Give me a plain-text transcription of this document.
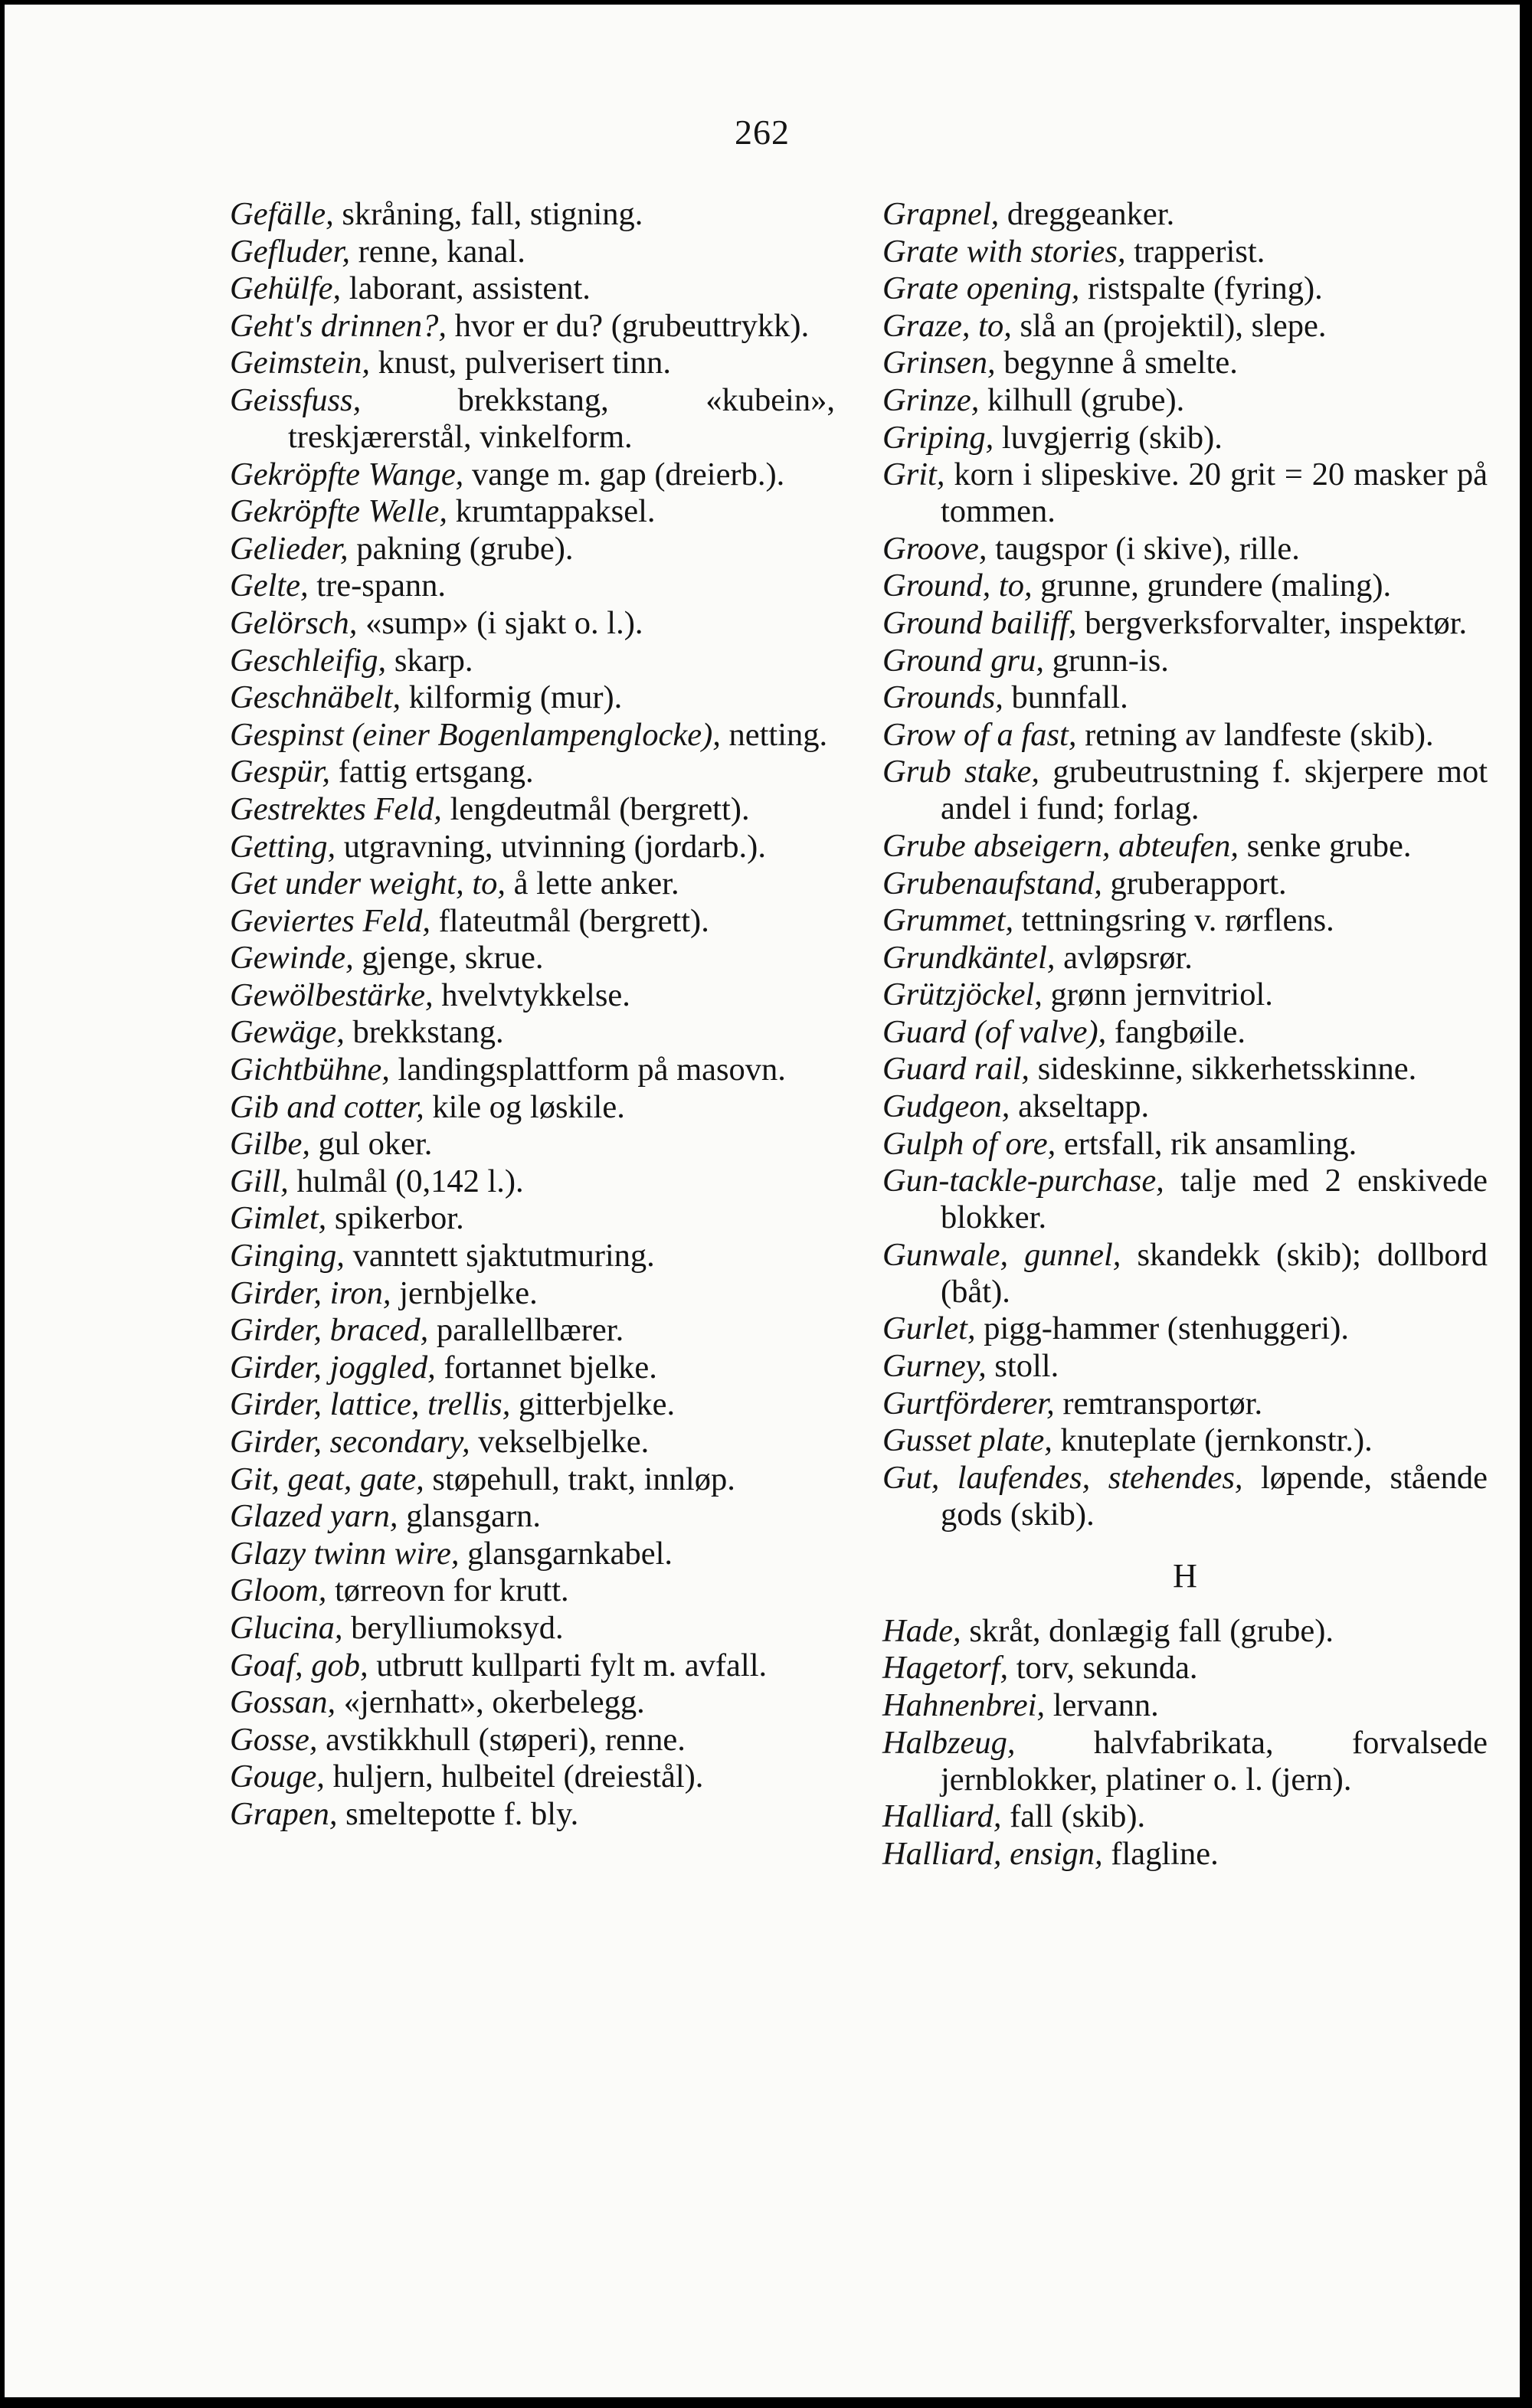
262
Gefälle, skråning, fall, stigning.
Gefluder, renne, kanal.
Gehülfe, laborant, assistent.
Geht's drinnen?, hvor er du? (grubeuttrykk).
Geimstein, knust, pulverisert tinn.
Geissfuss,	brekkstang, «kubein», treskjærerstål, vinkelform.
Gekröpfte Wange, vange m. gap (dreierb.).
Gekröpfte Welle, krumtappaksel.
Gelieder, pakning (grube).
Gelte, tre-spann.
Gelörsch, «sump» (i sjakt o. l.).
Geschleifig, skarp.
Geschnäbelt, kilformig (mur).
Gespinst (einer Bogenlampenglocke), netting.
Gespür, fattig ertsgang.
Gestrektes Feld, lengdeutmål (bergrett).
Getting, utgravning, utvinning (jordarb.).
Get under weight, to, å lette anker.
Geviertes Feld, flateutmål (bergrett).
Gewinde, gjenge, skrue.
Gewölbestärke, hvelvtykkelse.
Gewäge, brekkstang.
Gichtbühne, landingsplattform på masovn.
Gib and cotter, kile og løskile.
Gilbe, gul oker.
Gill, hulmål (0,142 l.).
Gimlet, spikerbor.
Ginging, vanntett sjaktutmuring.
Girder, iron, jernbjelke.
Girder, braced, parallellbærer.
Girder, joggled, fortannet bjelke.
Girder, lattice, trellis, gitterbjelke.
Girder, secondary, vekselbjelke.
Git, geat, gate, støpehull, trakt, innløp.
Glazed yarn, glansgarn.
Glazy twinn wire, glansgarnkabel.
Gloom, tørreovn for krutt.
Glucina, berylliumoksyd.
Goaf, gob, utbrutt kullparti fylt m. avfall.
Gossan, «jernhatt», okerbelegg.
Gosse, avstikkhull (støperi), renne.
Gouge, huljern, hulbeitel (dreiestål).
Grapen, smeltepotte f. bly.
Grapnel, dreggeanker.
Grate with stories, trapperist.
Grate opening, ristspalte (fyring).
Graze, to, slå an (projektil), slepe.
Grinsen, begynne å smelte.
Grinze, kilhull (grube).
Griping, luvgjerrig (skib).
Grit, korn i slipeskive. 20 grit = 20 masker på tommen.
Groove, taugspor (i skive), rille.
Ground, to, grunne, grundere (maling).
Ground bailiff, bergverksforvalter, inspektør.
Ground gru, grunn-is.
Grounds, bunnfall.
Grow of a fast, retning av landfeste (skib).
Grub stake, grubeutrustning f. skjerpere mot andel i fund; forlag.
Grube abseigern, abteufen, senke grube.
Grubenaufstand, gruberapport.
Grummet, tettningsring v. rørflens.
Grundkäntel, avløpsrør.
Grützjöckel, grønn jernvitriol.
Guard (of valve), fangbøile.
Guard rail, sideskinne, sikkerhetsskinne.
Gudgeon, akseltapp.
Gulph of ore, ertsfall, rik ansamling.
Gun-tackle-purchase, talje med 2 enskivede blokker.
Gunwale, gunnel, skandekk (skib); dollbord (båt).
Gurlet, pigg-hammer (stenhuggeri).
Gurney, stoll.
Gurtförderer, remtransportør.
Gusset plate, knuteplate (jernkonstr.).
Gut, laufendes, stehendes, løpende, stående gods (skib).
H
Hade, skråt, donlægig fall (grube).
Hagetorf, torv, sekunda.
Hahnenbrei, lervann.
Halbzeug, halvfabrikata, forvalsede jernblokker, platiner o. l. (jern).
Halliard, fall (skib).
Halliard, ensign, flagline.
